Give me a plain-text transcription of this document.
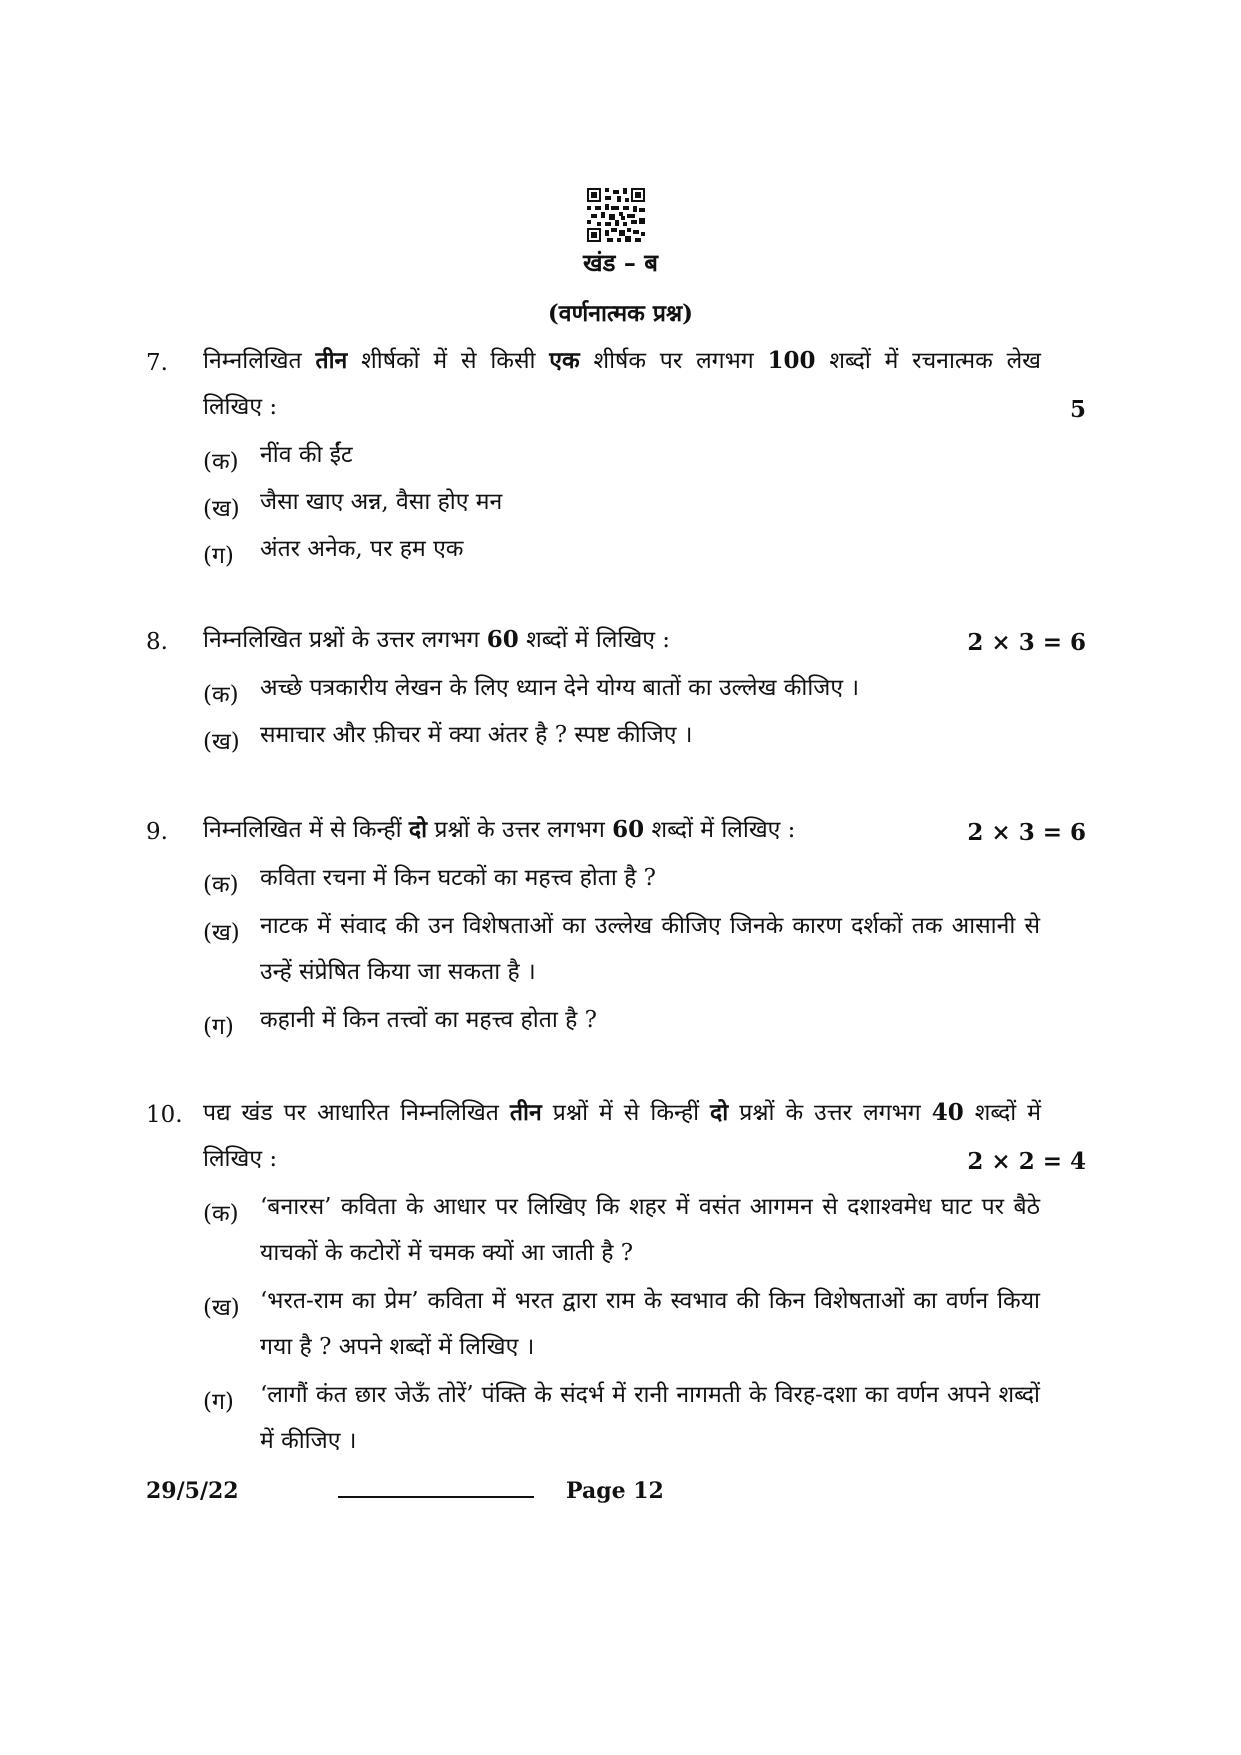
खंड – ब
(वर्णनात्मक प्रश्न)
7. निम्नलिखित तीन शीर्षकों में से किसी एक शीर्षक पर लगभग 100 शब्दों में रचनात्मक लेख
लिखिए :	5
(क) नींव की ईंट
(ख) जैसा खाए अन्न, वैसा होए मन
(ग) अंतर अनेक, पर हम एक
8. निम्नलिखित प्रश्नों के उत्तर लगभग 60 शब्दों में लिखिए :	2 × 3 = 6
(क) अच्छे पत्रकारीय लेखन के लिए ध्यान देने योग्य बातों का उल्लेख कीजिए ।
(ख) समाचार और फ़ीचर में क्या अंतर है ? स्पष्ट कीजिए ।
9. निम्नलिखित में से किन्हीं दो प्रश्नों के उत्तर लगभग 60 शब्दों में लिखिए :	2 × 3 = 6
(क) कविता रचना में किन घटकों का महत्त्व होता है ?
(ख) नाटक में संवाद की उन विशेषताओं का उल्लेख कीजिए जिनके कारण दर्शकों तक आसानी से उन्हें संप्रेषित किया जा सकता है ।
(ग) कहानी में किन तत्त्वों का महत्त्व होता है ?
10. पद्य खंड पर आधारित निम्नलिखित तीन प्रश्नों में से किन्हीं दो प्रश्नों के उत्तर लगभग 40 शब्दों में
लिखिए :	2 × 2 = 4
(क) ‘बनारस’ कविता के आधार पर लिखिए कि शहर में वसंत आगमन से दशाश्वमेध घाट पर बैठे याचकों के कटोरों में चमक क्यों आ जाती है ?
(ख) ‘भरत-राम का प्रेम’ कविता में भरत द्वारा राम के स्वभाव की किन विशेषताओं का वर्णन किया गया है ? अपने शब्दों में लिखिए ।
(ग) ‘लागौं कंत छार जेऊँ तोरें’ पंक्ति के संदर्भ में रानी नागमती के विरह-दशा का वर्णन अपने शब्दों में कीजिए ।
29/5/22	Page 12
